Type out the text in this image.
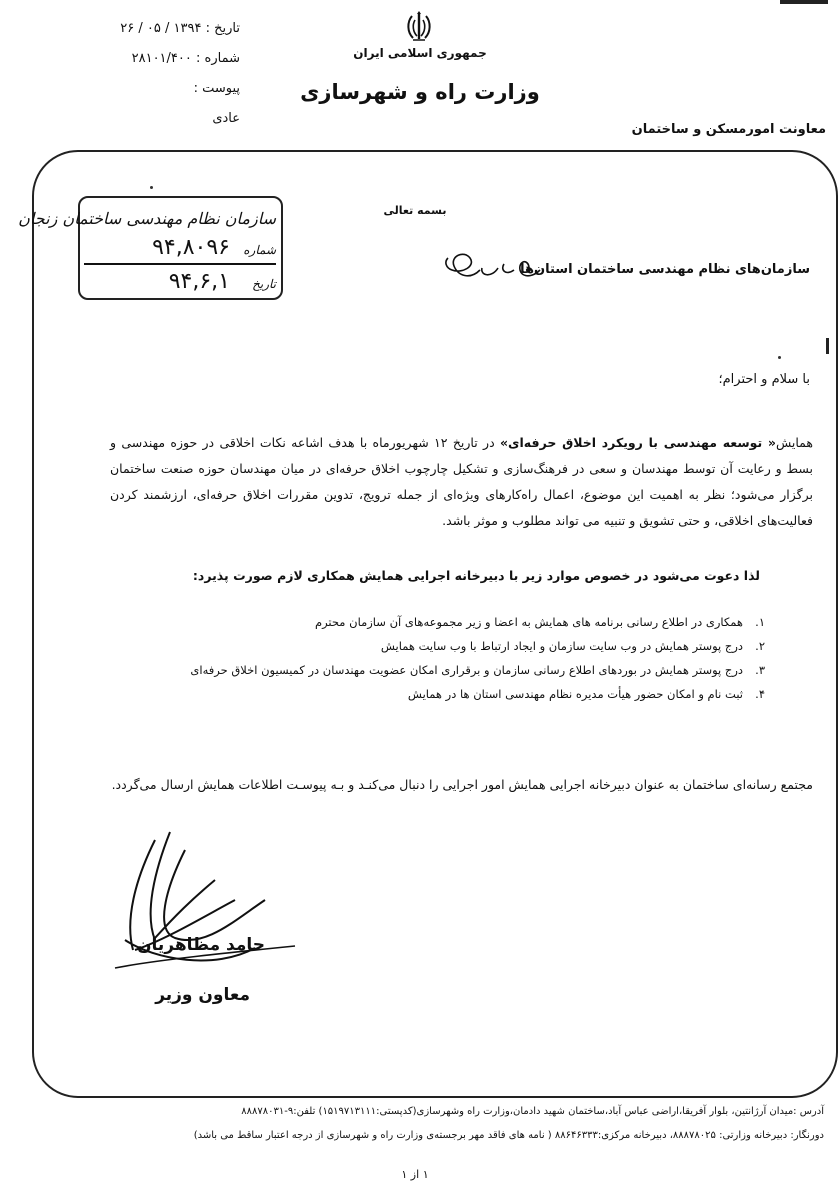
تاریخ : ۱۳۹۴ / ۰۵ / ۲۶
شماره : ۲۸۱۰۱/۴۰۰
پیوست :
عادی
جمهوری اسلامی ایران
وزارت راه و شهرسازی
معاونت امورمسکن و ساختمان
بسمه تعالی
سازمان نظام مهندسی ساختمان زنجان
شماره
۹۴,۸۰۹۶
تاریخ
۹۴,۶,۱	سازمان‌های نظام مهندسی ساختمان استان‌ها
با سلام و احترام؛
همایش« توسعه مهندسی با رویکرد اخلاق حرفه‌ای» در تاریخ ۱۲ شهریورماه با هدف اشاعه نکات اخلاقی در حوزه مهندسی و بسط و رعایت آن توسط مهندسان و سعی در فرهنگ‌سازی و تشکیل چارچوب اخلاق حرفه‌ای در میان مهندسان حوزه صنعت ساختمان برگزار می‌شود؛ نظر به اهمیت این موضوع، اعمال راه‌کارهای ویژه‌ای از جمله ترویج، تدوین مقررات اخلاق حرفه‌ای، ارزشمند کردن فعالیت‌های اخلاقی، و حتی تشویق و تنبیه می تواند مطلوب و موثر باشد.
لذا دعوت می‌شود در خصوص موارد زیر با دبیرخانه اجرایی همایش همکاری لازم صورت پذیرد:
۱.
همکاری در اطلاع رسانی برنامه های همایش به اعضا و زیر مجموعه‌های آن سازمان محترم
۲.
درج پوستر همایش در وب سایت سازمان و ایجاد ارتباط با وب سایت همایش
۳.
درج پوستر همایش در بوردهای اطلاع رسانی سازمان و برقراری امکان عضویت مهندسان در کمیسیون اخلاق حرفه‌ای
۴.
ثبت نام و امکان حضور هیأت مدیره نظام مهندسی استان ها در همایش
مجتمع رسانه‌ای ساختمان به عنوان دبیرخانه اجرایی همایش امور اجرایی را دنبال می‌کنـد و بـه پیوسـت اطلاعات همایش ارسال می‌گردد.
حامد مظاهریان
معاون وزیر
آدرس :میدان آرژانتین، بلوار آفریقا،اراضی عباس آباد،ساختمان شهید دادمان،وزارت راه وشهرسازی(کدپستی:۱۵۱۹۷۱۳۱۱۱) تلفن:۹-۸۸۸۷۸۰۳۱
دورنگار: دبیرخانه وزارتی: ۸۸۸۷۸۰۲۵، دبیرخانه مرکزی:۸۸۶۴۶۳۳۳ ( نامه های فاقد مهر برجسته‌ی وزارت راه و شهرسازی از درجه اعتبار ساقط می باشد)
۱ از ۱
